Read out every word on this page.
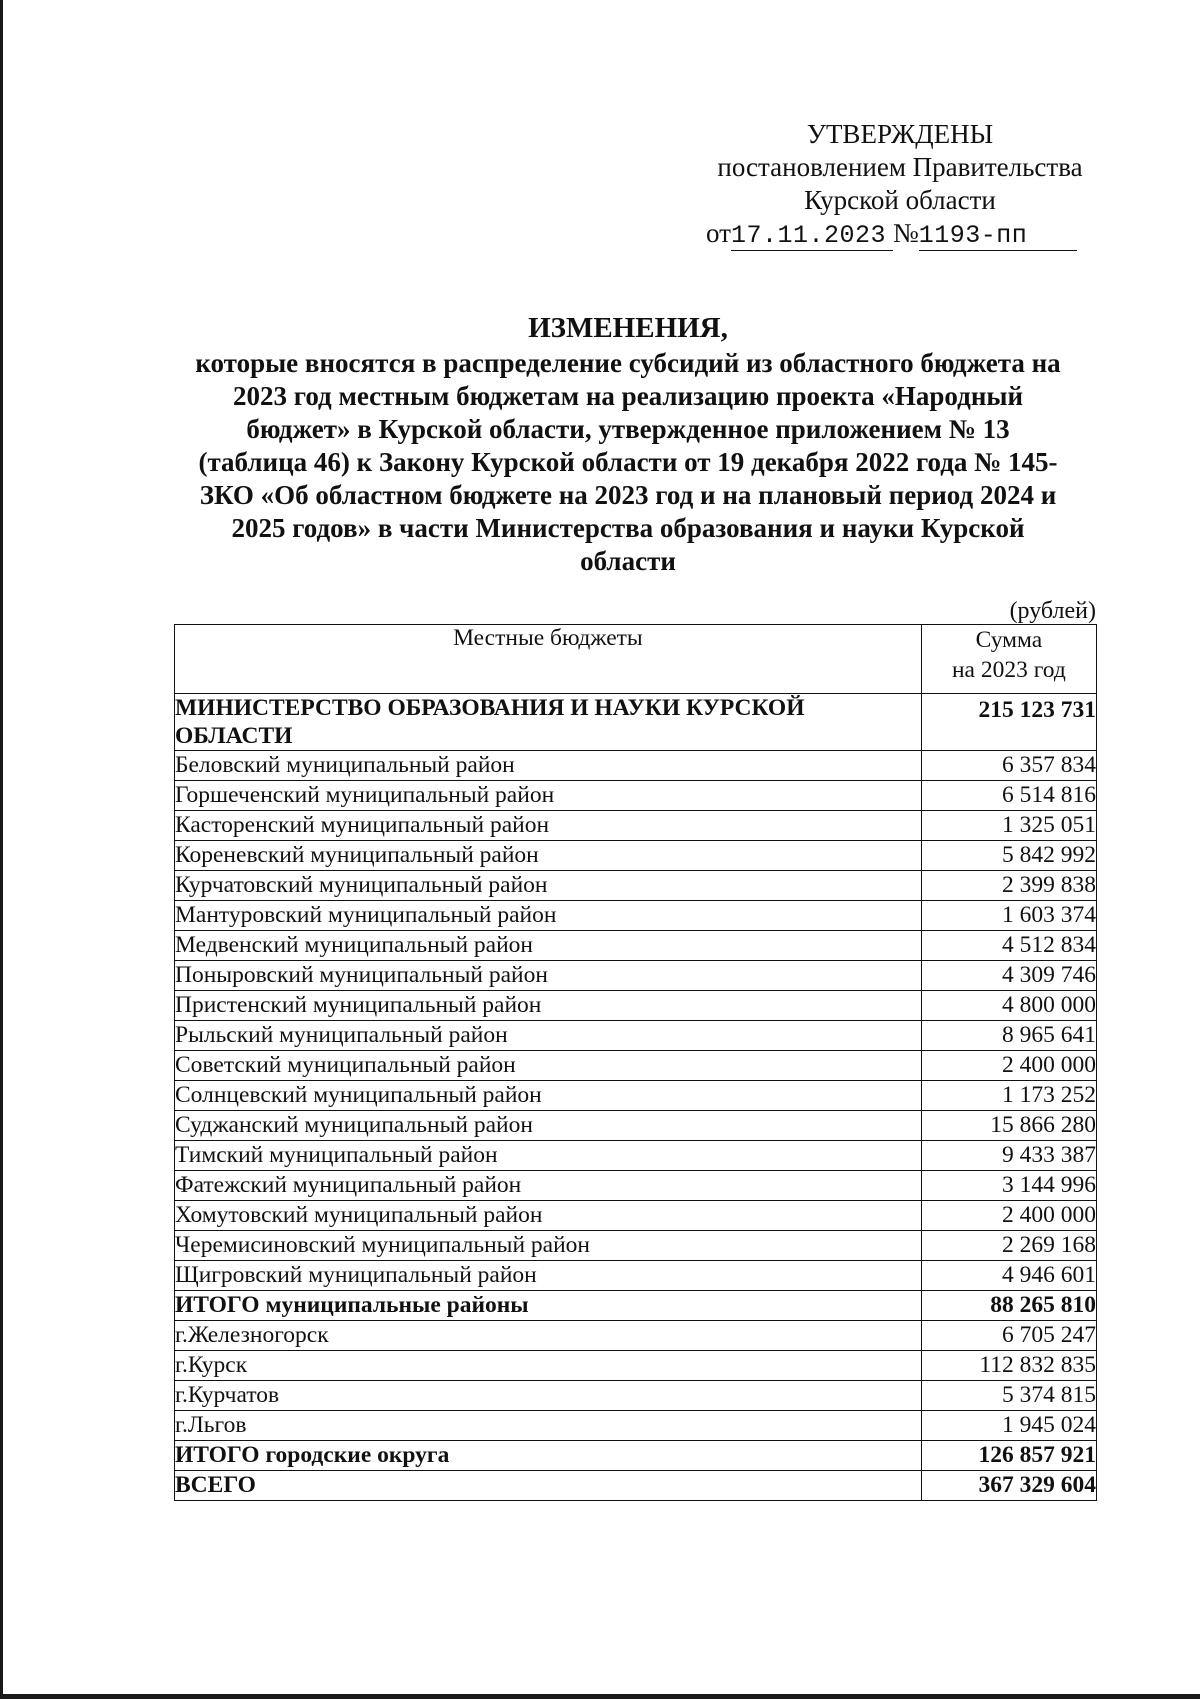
УТВЕРЖДЕНЫ
постановлением Правительства
Курской области
от17.11.2023 №1193-пп
ИЗМЕНЕНИЯ,
которые вносятся в распределение субсидий из областного бюджета на
2023 год местным бюджетам на реализацию проекта «Народный
бюджет» в Курской области, утвержденное приложением № 13
(таблица 46) к Закону Курской области от 19 декабря 2022 года № 145-
ЗКО «Об областном бюджете на 2023 год и на плановый период 2024 и
2025 годов» в части Министерства образования и науки Курской
области
(рублей)
Местные бюджеты	Сумма
на 2023 год

МИНИСТЕРСТВО ОБРАЗОВАНИЯ И НАУКИ КУРСКОЙ ОБЛАСТИ	215 123 731
Беловский муниципальный район	6 357 834
Горшеченский муниципальный район	6 514 816
Касторенский муниципальный район	1 325 051
Кореневский муниципальный район	5 842 992
Курчатовский муниципальный район	2 399 838
Мантуровский муниципальный район	1 603 374
Медвенский муниципальный район	4 512 834
Поныровский муниципальный район	4 309 746
Пристенский муниципальный район	4 800 000
Рыльский муниципальный район	8 965 641
Советский муниципальный район	2 400 000
Солнцевский муниципальный район	1 173 252
Суджанский муниципальный район	15 866 280
Тимский муниципальный район	9 433 387
Фатежский муниципальный район	3 144 996
Хомутовский муниципальный район	2 400 000
Черемисиновский муниципальный район	2 269 168
Щигровский муниципальный район	4 946 601
ИТОГО муниципальные районы	88 265 810
г.Железногорск	6 705 247
г.Курск	112 832 835
г.Курчатов	5 374 815
г.Льгов	1 945 024
ИТОГО городские округа	126 857 921
ВСЕГО	367 329 604
